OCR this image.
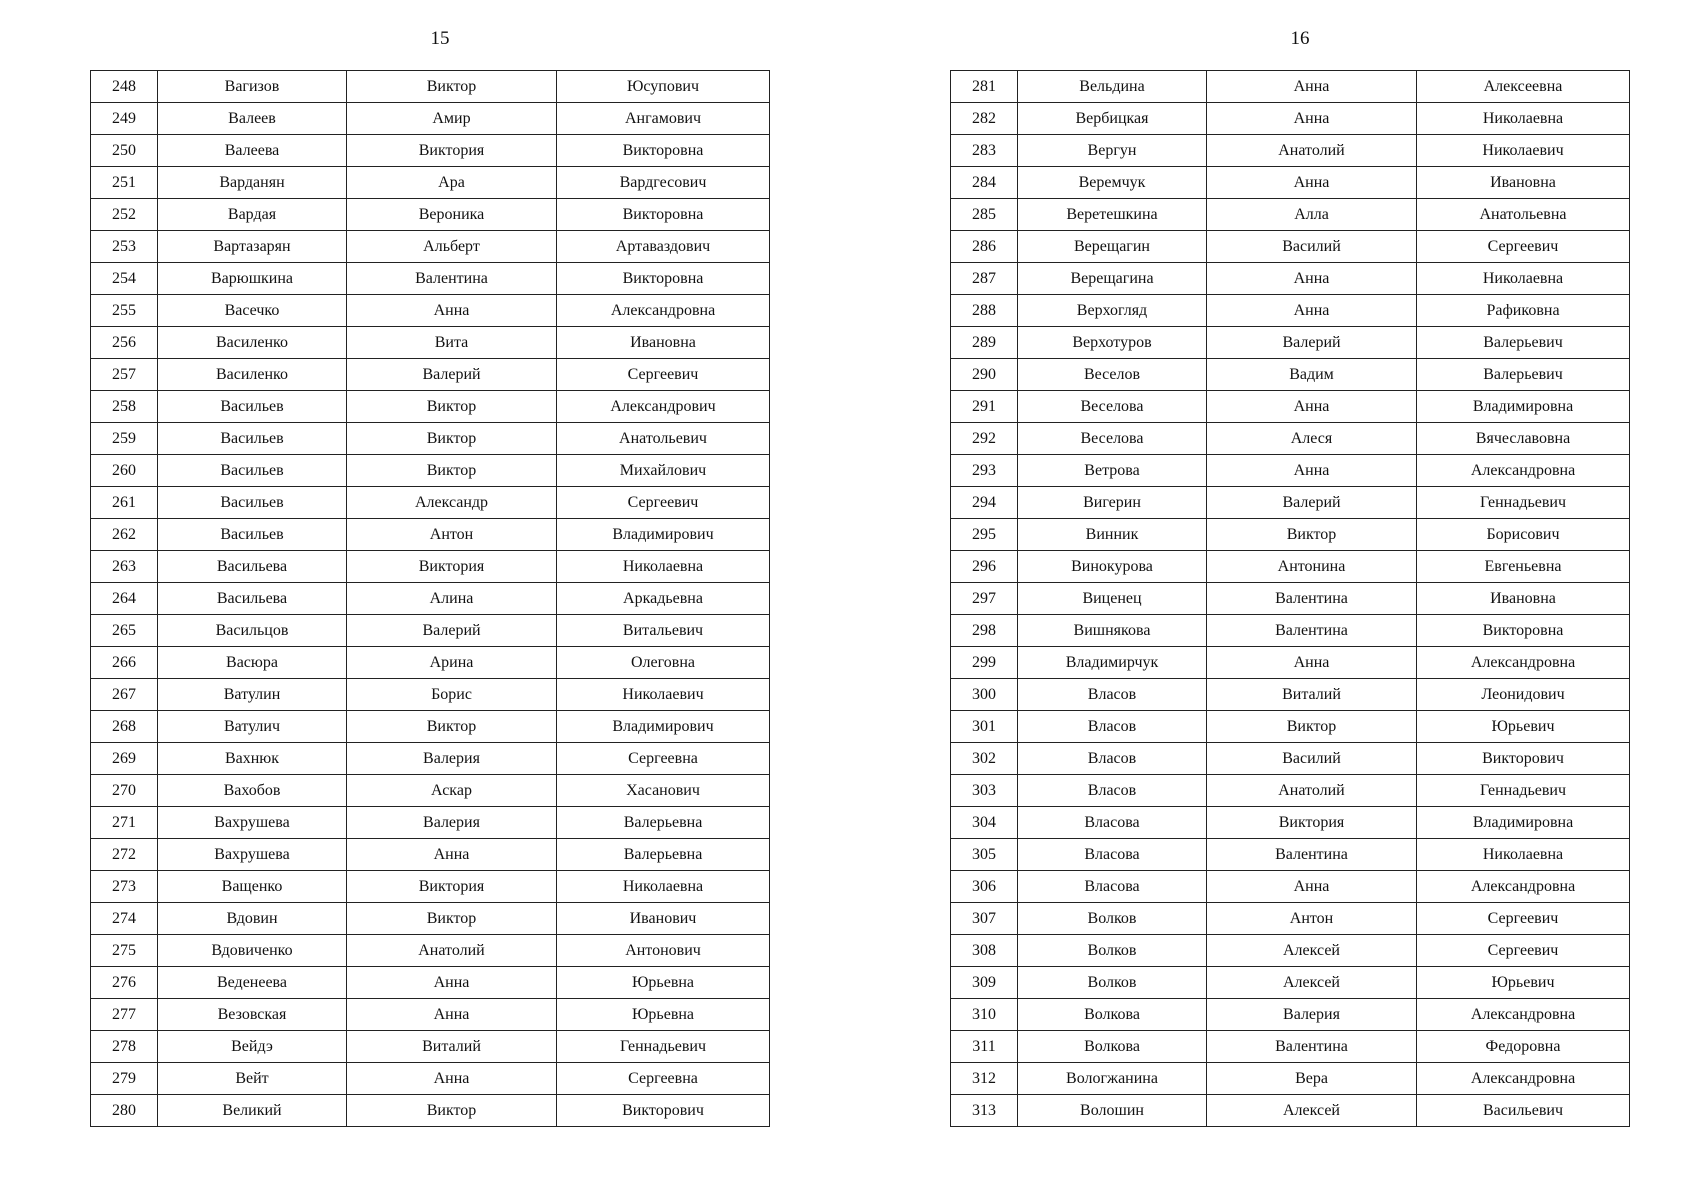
15
248	Вагизов	Виктор	Юсупович
249	Валеев	Амир	Ангамович
250	Валеева	Виктория	Викторовна
251	Варданян	Ара	Вардгесович
252	Вардая	Вероника	Викторовна
253	Вартазарян	Альберт	Артаваздович
254	Варюшкина	Валентина	Викторовна
255	Васечко	Анна	Александровна
256	Василенко	Вита	Ивановна
257	Василенко	Валерий	Сергеевич
258	Васильев	Виктор	Александрович
259	Васильев	Виктор	Анатольевич
260	Васильев	Виктор	Михайлович
261	Васильев	Александр	Сергеевич
262	Васильев	Антон	Владимирович
263	Васильева	Виктория	Николаевна
264	Васильева	Алина	Аркадьевна
265	Васильцов	Валерий	Витальевич
266	Васюра	Арина	Олеговна
267	Ватулин	Борис	Николаевич
268	Ватулич	Виктор	Владимирович
269	Вахнюк	Валерия	Сергеевна
270	Вахобов	Аскар	Хасанович
271	Вахрушева	Валерия	Валерьевна
272	Вахрушева	Анна	Валерьевна
273	Ващенко	Виктория	Николаевна
274	Вдовин	Виктор	Иванович
275	Вдовиченко	Анатолий	Антонович
276	Веденеева	Анна	Юрьевна
277	Везовская	Анна	Юрьевна
278	Вейдэ	Виталий	Геннадьевич
279	Вейт	Анна	Сергеевна
280	Великий	Виктор	Викторович
16
281	Вельдина	Анна	Алексеевна
282	Вербицкая	Анна	Николаевна
283	Вергун	Анатолий	Николаевич
284	Веремчук	Анна	Ивановна
285	Веретешкина	Алла	Анатольевна
286	Верещагин	Василий	Сергеевич
287	Верещагина	Анна	Николаевна
288	Верхогляд	Анна	Рафиковна
289	Верхотуров	Валерий	Валерьевич
290	Веселов	Вадим	Валерьевич
291	Веселова	Анна	Владимировна
292	Веселова	Алеся	Вячеславовна
293	Ветрова	Анна	Александровна
294	Вигерин	Валерий	Геннадьевич
295	Винник	Виктор	Борисович
296	Винокурова	Антонина	Евгеньевна
297	Виценец	Валентина	Ивановна
298	Вишнякова	Валентина	Викторовна
299	Владимирчук	Анна	Александровна
300	Власов	Виталий	Леонидович
301	Власов	Виктор	Юрьевич
302	Власов	Василий	Викторович
303	Власов	Анатолий	Геннадьевич
304	Власова	Виктория	Владимировна
305	Власова	Валентина	Николаевна
306	Власова	Анна	Александровна
307	Волков	Антон	Сергеевич
308	Волков	Алексей	Сергеевич
309	Волков	Алексей	Юрьевич
310	Волкова	Валерия	Александровна
311	Волкова	Валентина	Федоровна
312	Вологжанина	Вера	Александровна
313	Волошин	Алексей	Васильевич
